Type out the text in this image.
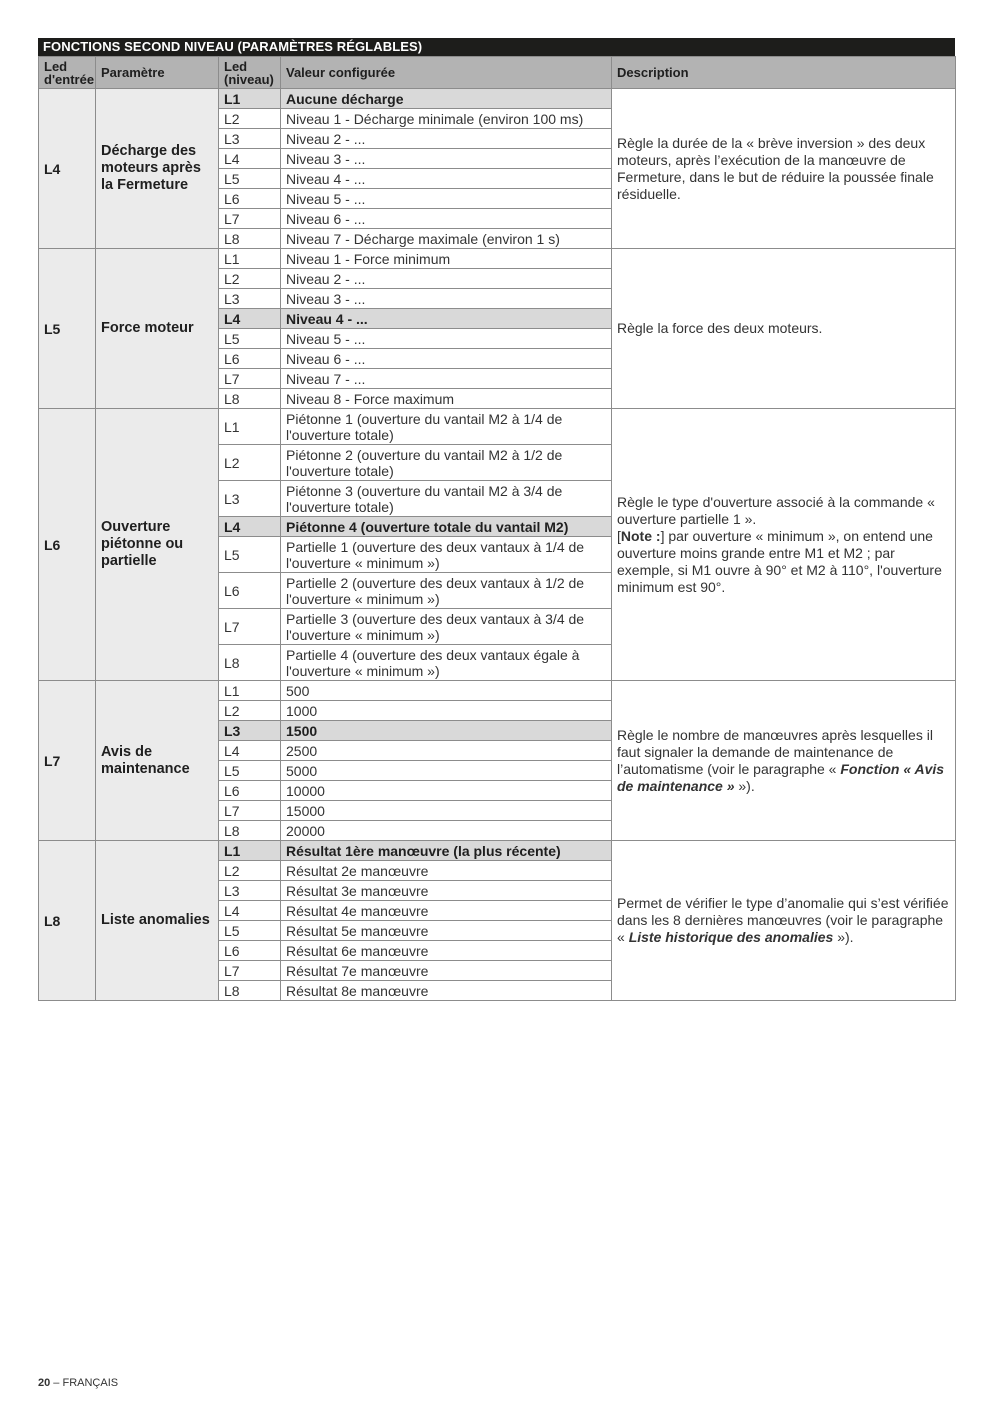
FONCTIONS SECOND NIVEAU (PARAMÈTRES RÉGLABLES)
Led
d'entrée	Paramètre	Led
(niveau)	Valeur configurée	Description
L4	Décharge des moteurs après la Fermeture	L1	Aucune décharge	Règle la durée de la « brève inversion » des deux moteurs, après l’exécution de la manœuvre de Fermeture, dans le but de réduire la poussée finale résiduelle.
		L2	Niveau 1 - Décharge minimale (environ 100 ms)	
		L3	Niveau 2 - ...	
		L4	Niveau 3 - ...	
		L5	Niveau 4 - ...	
		L6	Niveau 5 - ...	
		L7	Niveau 6 - ...	
		L8	Niveau 7 - Décharge maximale (environ 1 s)	
L5	Force moteur	L1	Niveau 1 - Force minimum	Règle la force des deux moteurs.
		L2	Niveau 2 - ...	
		L3	Niveau 3 - ...	
		L4	Niveau 4 - ...	
		L5	Niveau 5 - ...	
		L6	Niveau 6 - ...	
		L7	Niveau 7 - ...	
		L8	Niveau 8 - Force maximum	
L6	Ouverture piétonne ou partielle	L1	Piétonne 1 (ouverture du vantail M2 à 1/4 de l'ouverture totale)	Règle le type d'ouverture associé à la commande « ouverture partielle 1 ».
[Note :] par ouverture « minimum », on entend une ouverture moins grande entre M1 et M2 ; par exemple, si M1 ouvre à 90° et M2 à 110°, l'ouverture minimum est 90°.
		L2	Piétonne 2 (ouverture du vantail M2 à 1/2 de l'ouverture totale)	
		L3	Piétonne 3 (ouverture du vantail M2 à 3/4 de l'ouverture totale)	
		L4	Piétonne 4 (ouverture totale du vantail M2)	
		L5	Partielle 1 (ouverture des deux vantaux à 1/4 de l'ouverture « minimum »)	
		L6	Partielle 2 (ouverture des deux vantaux à 1/2 de l'ouverture « minimum »)	
		L7	Partielle 3 (ouverture des deux vantaux à 3/4 de l'ouverture « minimum »)	
		L8	Partielle 4 (ouverture des deux vantaux égale à l'ouverture « minimum »)	
L7	Avis de maintenance	L1	500	Règle le nombre de manœuvres après lesquelles il faut signaler la demande de maintenance de l’automatisme (voir le paragraphe « Fonction « Avis de maintenance » »).
		L2	1000	
		L3	1500	
		L4	2500	
		L5	5000	
		L6	10000	
		L7	15000	
		L8	20000	
L8	Liste anomalies	L1	Résultat 1ère manœuvre (la plus récente)	Permet de vérifier le type d’anomalie qui s’est vérifiée dans les 8 dernières manœuvres (voir le paragraphe « Liste historique des anomalies »).
		L2	Résultat 2e manœuvre	
		L3	Résultat 3e manœuvre	
		L4	Résultat 4e manœuvre	
		L5	Résultat 5e manœuvre	
		L6	Résultat 6e manœuvre	
		L7	Résultat 7e manœuvre	
		L8	Résultat 8e manœuvre	
20 – FRANÇAIS
